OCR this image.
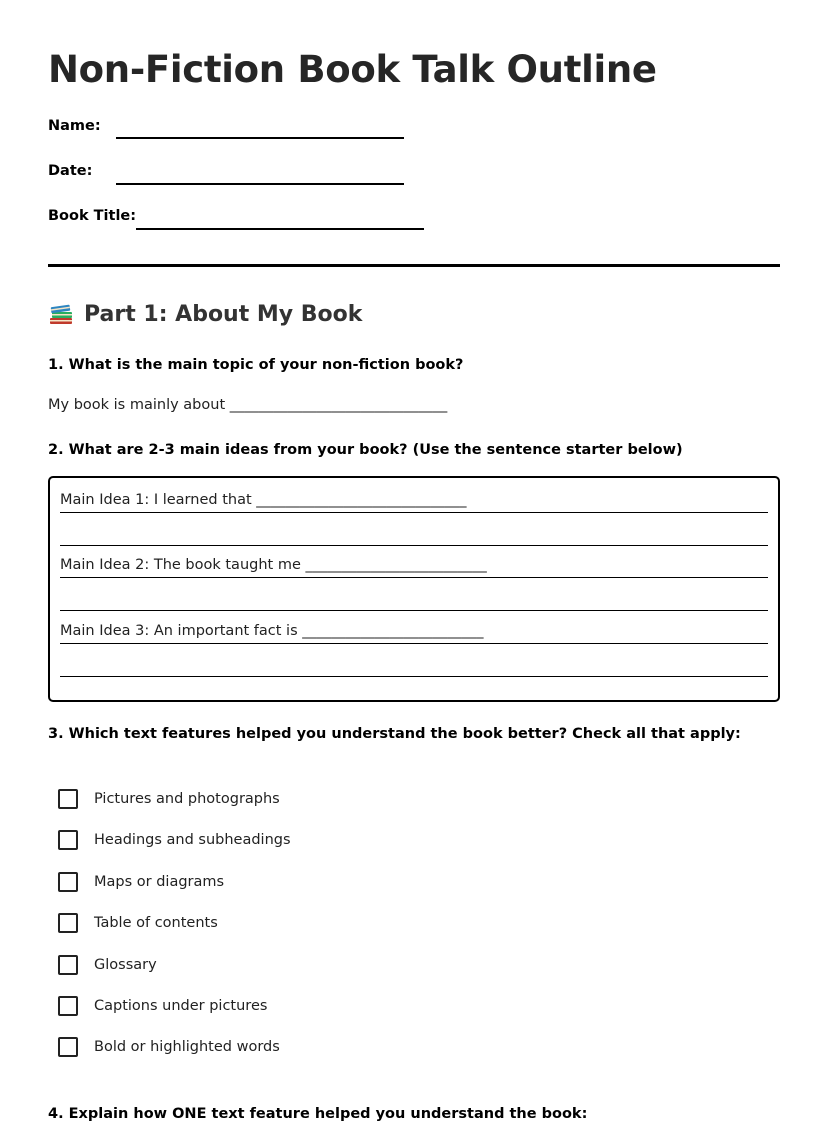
Non-Fiction Book Talk Outline
Name:
Date:
Book Title:
Part 1: About My Book
1. What is the main topic of your non-fiction book?
My book is mainly about ______________________________
2. What are 2-3 main ideas from your book? (Use the sentence starter below)
Main Idea 1: I learned that _____________________________
Main Idea 2: The book taught me _________________________
Main Idea 3: An important fact is _________________________
3. Which text features helped you understand the book better? Check all that apply:
Pictures and photographs
Headings and subheadings
Maps or diagrams
Table of contents
Glossary
Captions under pictures
Bold or highlighted words
4. Explain how ONE text feature helped you understand the book:
